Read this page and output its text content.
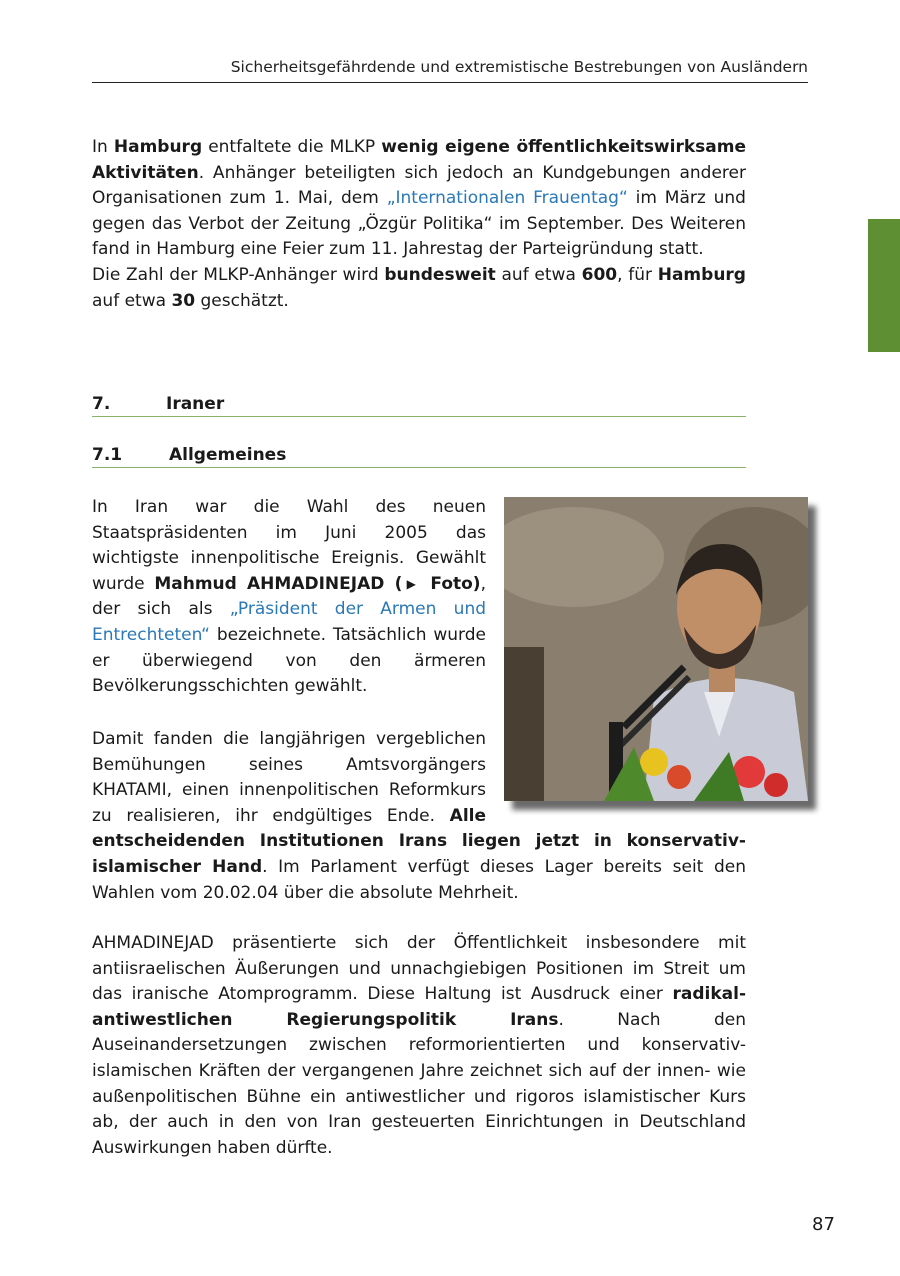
Sicherheitsgefährdende und extremistische Bestrebungen von Ausländern

In Hamburg entfaltete die MLKP wenig eigene öffentlichkeitswirksame Aktivitäten. Anhänger beteiligten sich jedoch an Kundgebungen anderer Organisationen zum 1. Mai, dem „Internationalen Frauentag“ im März und gegen das Verbot der Zeitung „Özgür Politika“ im September. Des Weiteren fand in Hamburg eine Feier zum 11. Jahrestag der Parteigründung statt.
Die Zahl der MLKP-Anhänger wird bundesweit auf etwa 600, für Hamburg auf etwa 30 geschätzt.

7.	Iraner
7.1	Allgemeines

In Iran war die Wahl des neuen Staatspräsidenten im Juni 2005 das wichtigste innenpolitische Ereignis. Gewählt wurde Mahmud AHMADINEJAD (▶ Foto), der sich als „Präsident der Armen und Entrechteten“ bezeichnete. Tatsächlich wurde er überwiegend von den ärmeren Bevölkerungsschichten gewählt.

Damit fanden die langjährigen vergeblichen Bemühungen seines Amtsvorgängers KHATAMI, einen innenpolitischen Reformkurs zu realisieren, ihr endgültiges Ende. Alle entscheidenden Institutionen Irans liegen jetzt in konservativ-islamischer Hand. Im Parlament verfügt dieses Lager bereits seit den Wahlen vom 20.02.04 über die absolute Mehrheit.

AHMADINEJAD präsentierte sich der Öffentlichkeit insbesondere mit antiisraelischen Äußerungen und unnachgiebigen Positionen im Streit um das iranische Atomprogramm. Diese Haltung ist Ausdruck einer radikal-antiwestlichen Regierungspolitik Irans. Nach den Auseinandersetzungen zwischen reformorientierten und konservativ-islamischen Kräften der vergangenen Jahre zeichnet sich auf der innen- wie außenpolitischen Bühne ein antiwestlicher und rigoros islamistischer Kurs ab, der auch in den von Iran gesteuerten Einrichtungen in Deutschland Auswirkungen haben dürfte.

87
